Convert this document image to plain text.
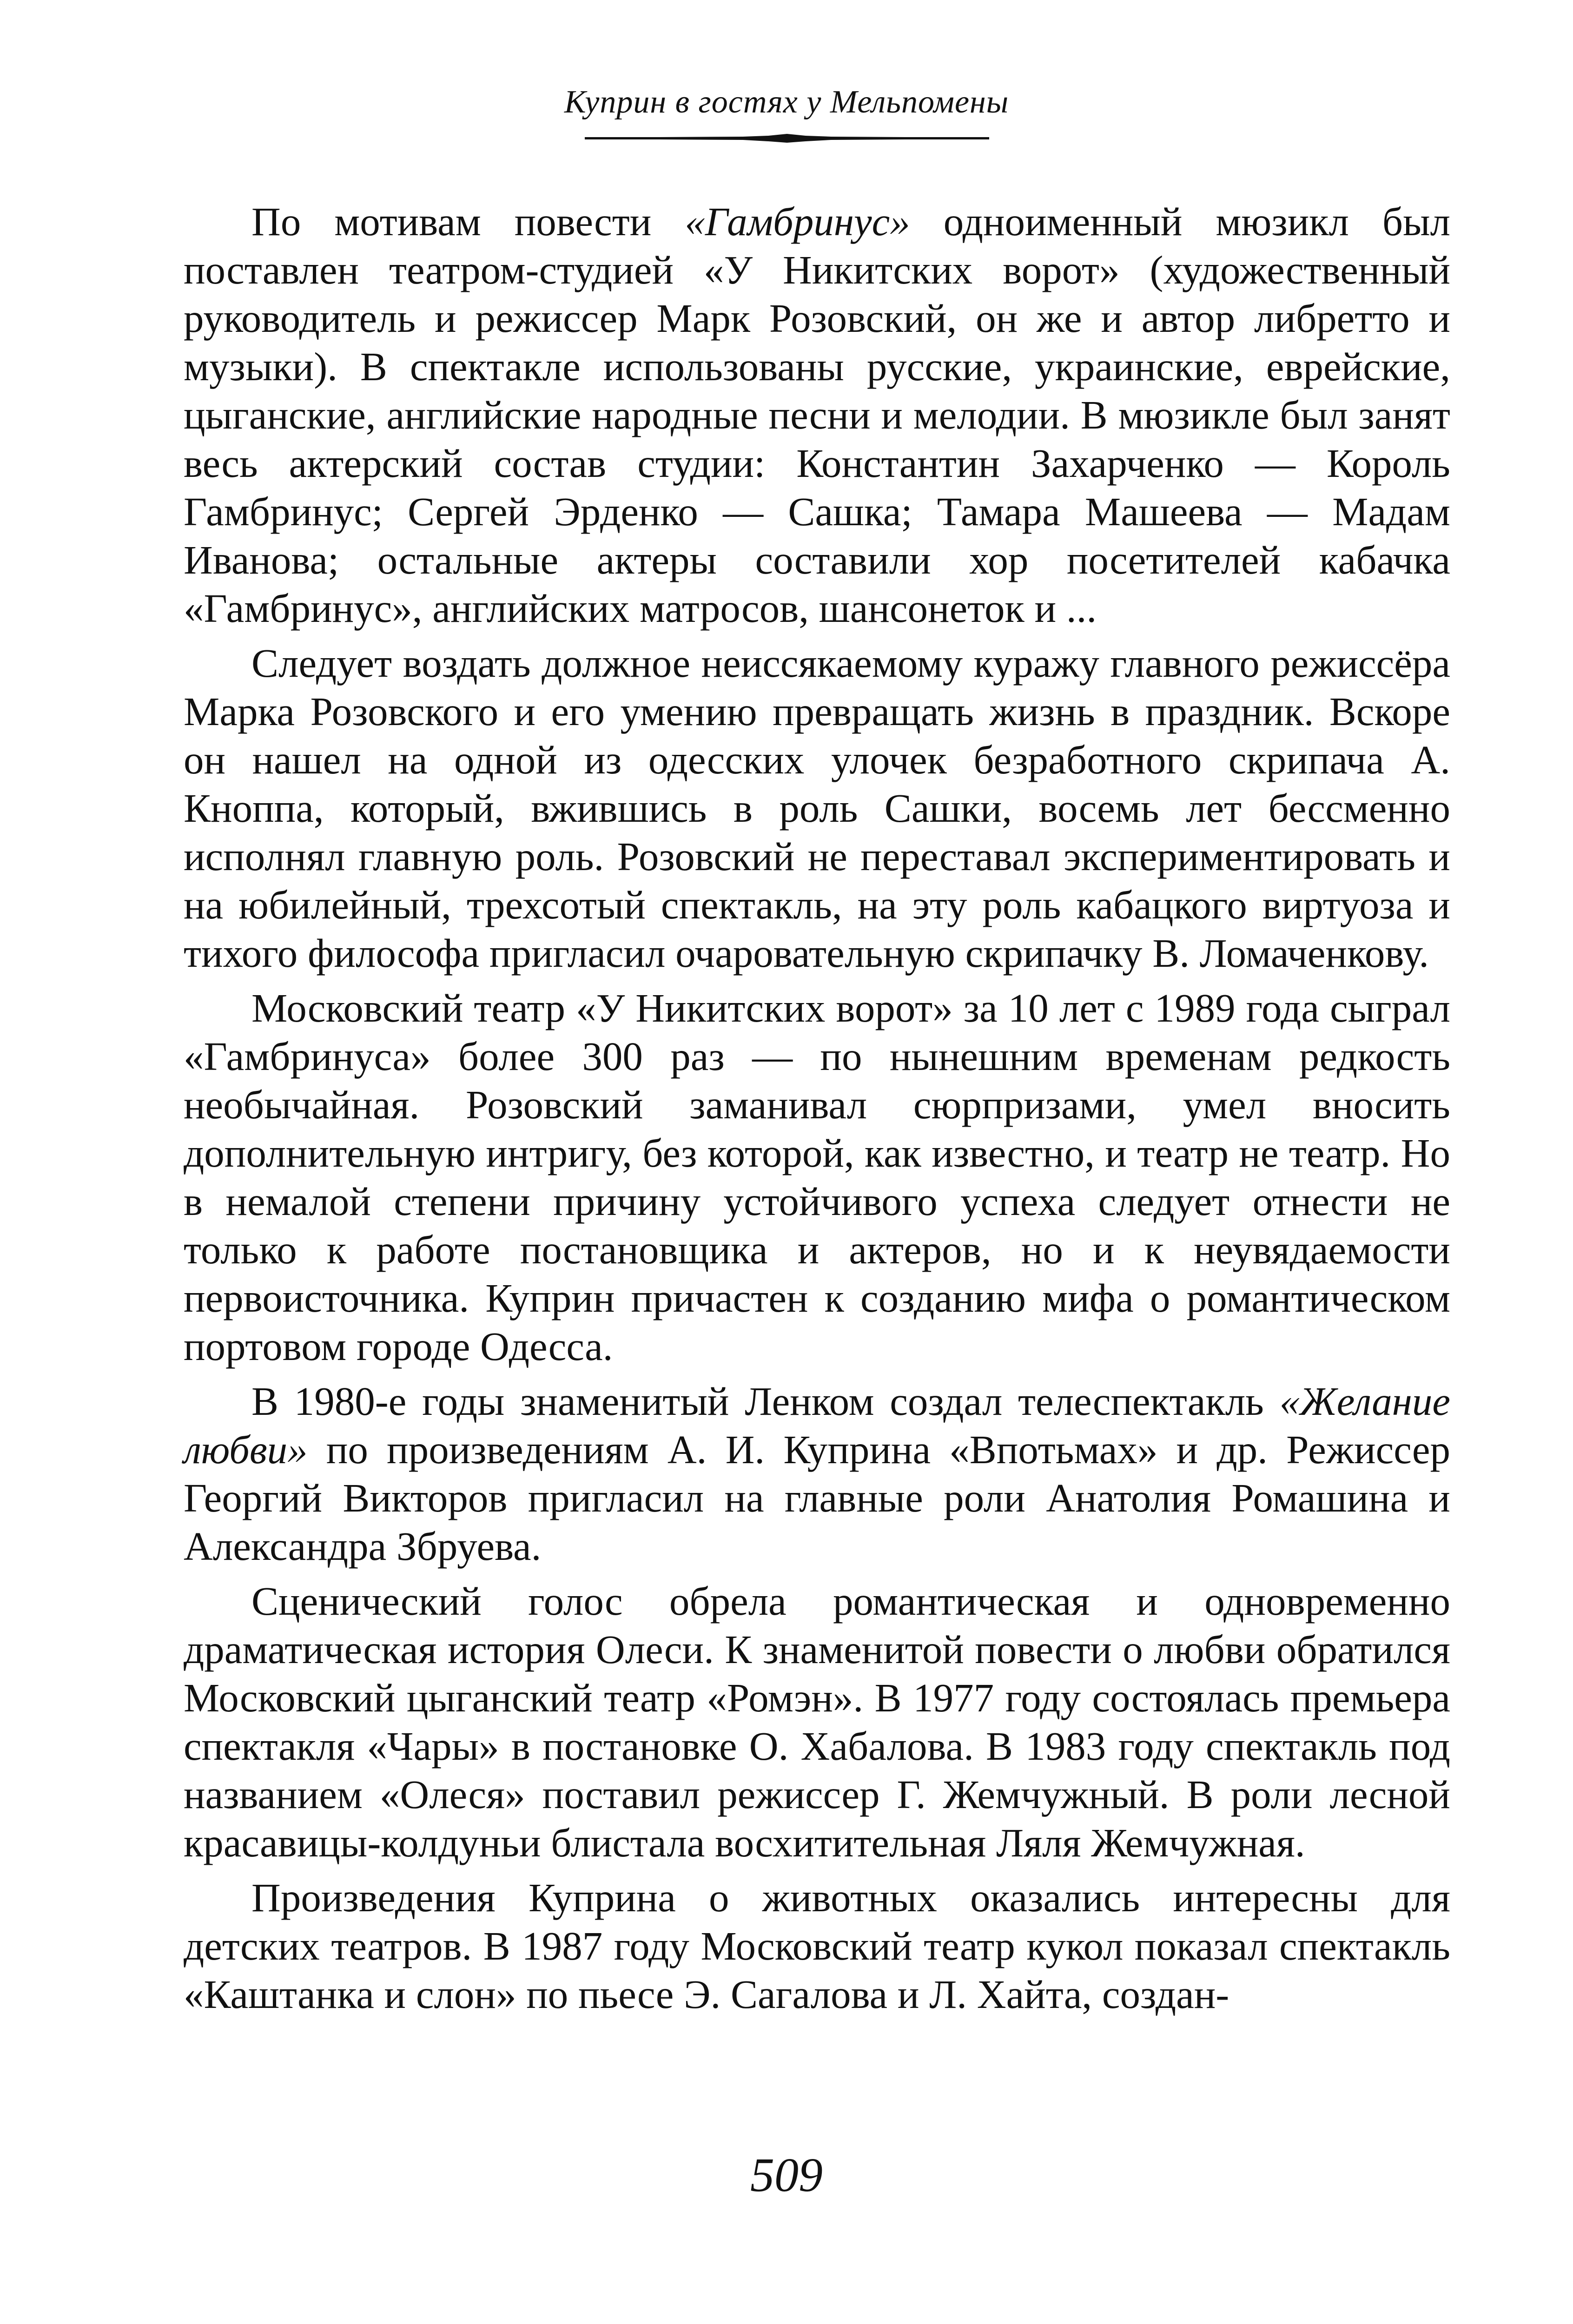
Куприн в гостях у Мельпомены

По мотивам повести «Гамбринус» одноименный мюзикл был поставлен театром-студией «У Никитских ворот» (художественный руководитель и режиссер Марк Розовский, он же и автор либретто и музыки). В спектакле использованы русские, украинские, еврейские, цыганские, английские народные песни и мелодии. В мюзикле был занят весь актерский состав студии: Константин Захарченко — Король Гамбринус; Сергей Эрденко — Сашка; Тамара Машеева — Мадам Иванова; остальные актеры составили хор посетителей кабачка «Гамбринус», английских матросов, шансонеток и ...

Следует воздать должное неиссякаемому куражу главного режиссёра Марка Розовского и его умению превращать жизнь в праздник. Вскоре он нашел на одной из одесских улочек безработного скрипача А. Кноппа, который, вжившись в роль Сашки, восемь лет бессменно исполнял главную роль. Розовский не переставал экспериментировать и на юбилейный, трехсотый спектакль, на эту роль кабацкого виртуоза и тихого философа пригласил очаровательную скрипачку В. Ломаченкову.

Московский театр «У Никитских ворот» за 10 лет с 1989 года сыграл «Гамбринуса» более 300 раз — по нынешним временам редкость необычайная. Розовский заманивал сюрпризами, умел вносить дополнительную интригу, без которой, как известно, и театр не театр. Но в немалой степени причину устойчивого успеха следует отнести не только к работе постановщика и актеров, но и к неувядаемости первоисточника. Куприн причастен к созданию мифа о романтическом портовом городе Одесса.

В 1980-е годы знаменитый Ленком создал телеспектакль «Желание любви» по произведениям А. И. Куприна «Впотьмах» и др. Режиссер Георгий Викторов пригласил на главные роли Анатолия Ромашина и Александра Збруева.

Сценический голос обрела романтическая и одновременно драматическая история Олеси. К знаменитой повести о любви обратился Московский цыганский театр «Ромэн». В 1977 году состоялась премьера спектакля «Чары» в постановке О. Хабалова. В 1983 году спектакль под названием «Олеся» поставил режиссер Г. Жемчужный. В роли лесной красавицы-колдуньи блистала восхитительная Ляля Жемчужная.

Произведения Куприна о животных оказались интересны для детских театров. В 1987 году Московский театр кукол показал спектакль «Каштанка и слон» по пьесе Э. Сагалова и Л. Хайта, создан-

509
